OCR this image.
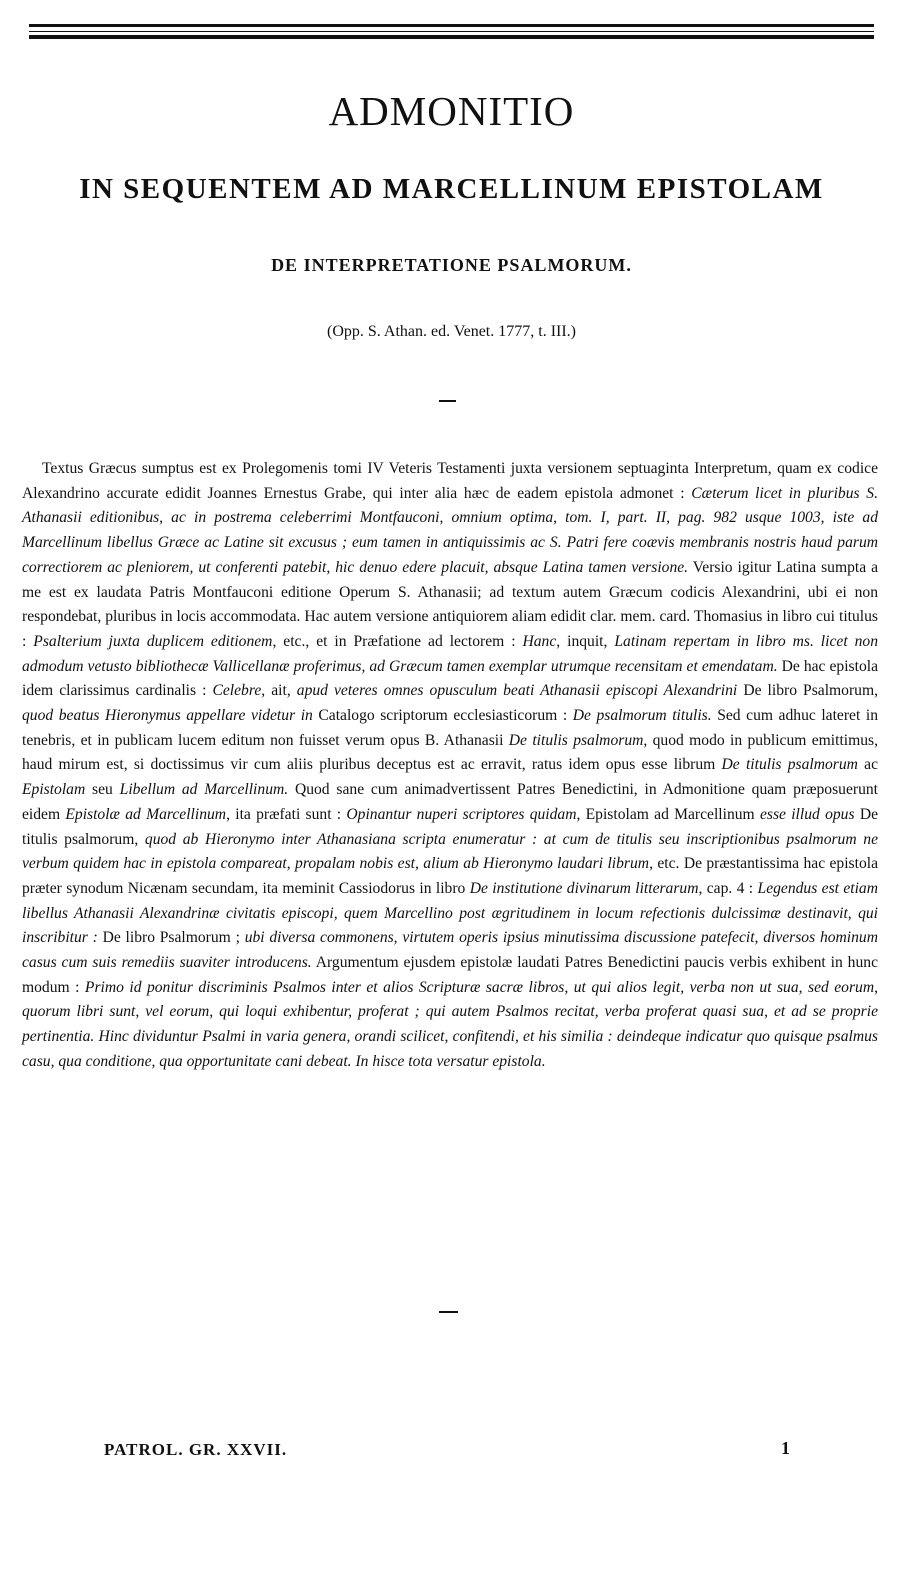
ADMONITIO
IN SEQUENTEM AD MARCELLINUM EPISTOLAM
DE INTERPRETATIONE PSALMORUM.
(Opp. S. Athan. ed. Venet. 1777, t. III.)

Textus Græcus sumptus est ex Prolegomenis tomi IV Veteris Testamenti juxta versionem septuaginta Interpretum, quam ex codice Alexandrino accurate edidit Joannes Ernestus Grabe, qui inter alia hæc de eadem epistola admonet : Cæterum licet in pluribus S. Athanasii editionibus, ac in postrema celeberrimi Montfauconi, omnium optima, tom. I, part. II, pag. 982 usque 1003, iste ad Marcellinum libellus Græce ac Latine sit excusus ; eum tamen in antiquissimis ac S. Patri fere coævis membranis nostris haud parum correctiorem ac pleniorem, ut conferenti patebit, hic denuo edere placuit, absque Latina tamen versione. Versio igitur Latina sumpta a me est ex laudata Patris Montfauconi editione Operum S. Athanasii; ad textum autem Græcum codicis Alexandrini, ubi ei non respondebat, pluribus in locis accommodata. Hac autem versione antiquiorem aliam edidit clar. mem. card. Thomasius in libro cui titulus : Psalterium juxta duplicem editionem, etc., et in Præfatione ad lectorem : Hanc, inquit, Latinam repertam in libro ms. licet non admodum vetusto bibliothecæ Vallicellanæ proferimus, ad Græcum tamen exemplar utrumque recensitam et emendatam. De hac epistola idem clarissimus cardinalis : Celebre, ait, apud veteres omnes opusculum beati Athanasii episcopi Alexandrini De libro Psalmorum, quod beatus Hieronymus appellare videtur in Catalogo scriptorum ecclesiasticorum : De psalmorum titulis. Sed cum adhuc lateret in tenebris, et in publicam lucem editum non fuisset verum opus B. Athanasii De titulis psalmorum, quod modo in publicum emittimus, haud mirum est, si doctissimus vir cum aliis pluribus deceptus est ac erravit, ratus idem opus esse librum De titulis psalmorum ac Epistolam seu Libellum ad Marcellinum. Quod sane cum animadvertissent Patres Benedictini, in Admonitione quam præposuerunt eidem Epistolæ ad Marcellinum, ita præfati sunt : Opinantur nuperi scriptores quidam, Epistolam ad Marcellinum esse illud opus De titulis psalmorum, quod ab Hieronymo inter Athanasiana scripta enumeratur : at cum de titulis seu inscriptionibus psalmorum ne verbum quidem hac in epistola compareat, propalam nobis est, alium ab Hieronymo laudari librum, etc. De præstantissima hac epistola præter synodum Nicænam secundam, ita meminit Cassiodorus in libro De institutione divinarum litterarum, cap. 4 : Legendus est etiam libellus Athanasii Alexandrinæ civitatis episcopi, quem Marcellino post ægritudinem in locum refectionis dulcissimæ destinavit, qui inscribitur : De libro Psalmorum ; ubi diversa commonens, virtutem operis ipsius minutissima discussione patefecit, diversos hominum casus cum suis remediis suaviter introducens. Argumentum ejusdem epistolæ laudati Patres Benedictini paucis verbis exhibent in hunc modum : Primo id ponitur discriminis Psalmos inter et alios Scripturæ sacræ libros, ut qui alios legit, verba non ut sua, sed eorum, quorum libri sunt, vel eorum, qui loqui exhibentur, proferat ; qui autem Psalmos recitat, verba proferat quasi sua, et ad se proprie pertinentia. Hinc dividuntur Psalmi in varia genera, orandi scilicet, confitendi, et his similia : deindeque indicatur quo quisque psalmus casu, qua conditione, qua opportunitate cani debeat. In hisce tota versatur epistola.

PATROL. GR. XXVII.	1
